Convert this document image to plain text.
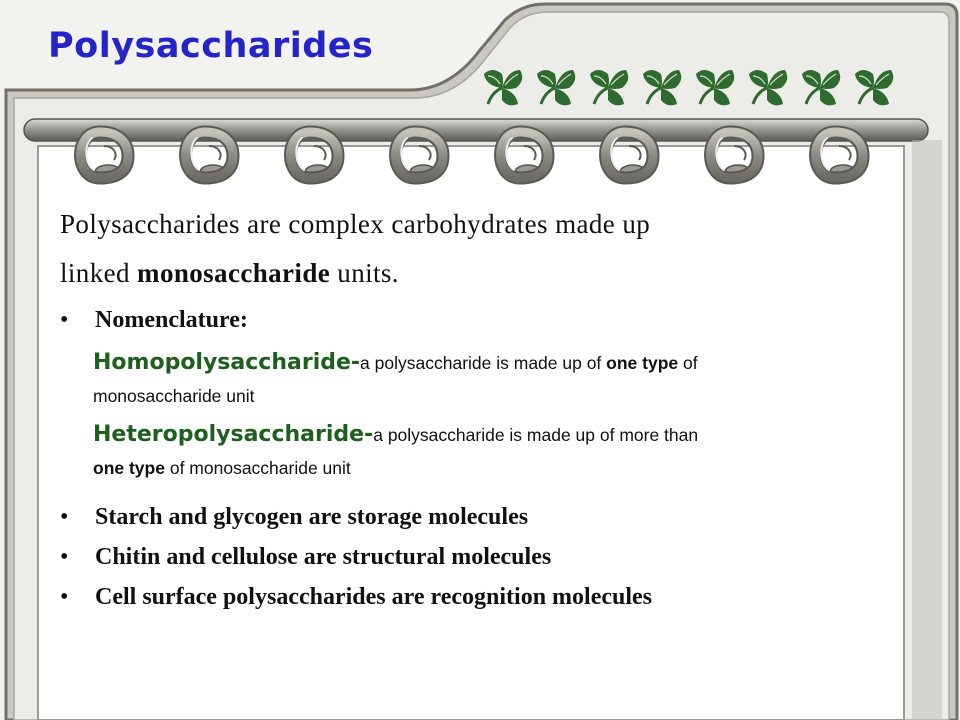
Polysaccharides

Polysaccharides are complex carbohydrates made up
linked monosaccharide units.

• Nomenclature:
Homopolysaccharide-a polysaccharide is made up of one type of
monosaccharide unit
Heteropolysaccharide-a polysaccharide is made up of more than
one type of monosaccharide unit
• Starch and glycogen are storage molecules
• Chitin and cellulose are structural molecules
• Cell surface polysaccharides are recognition molecules
